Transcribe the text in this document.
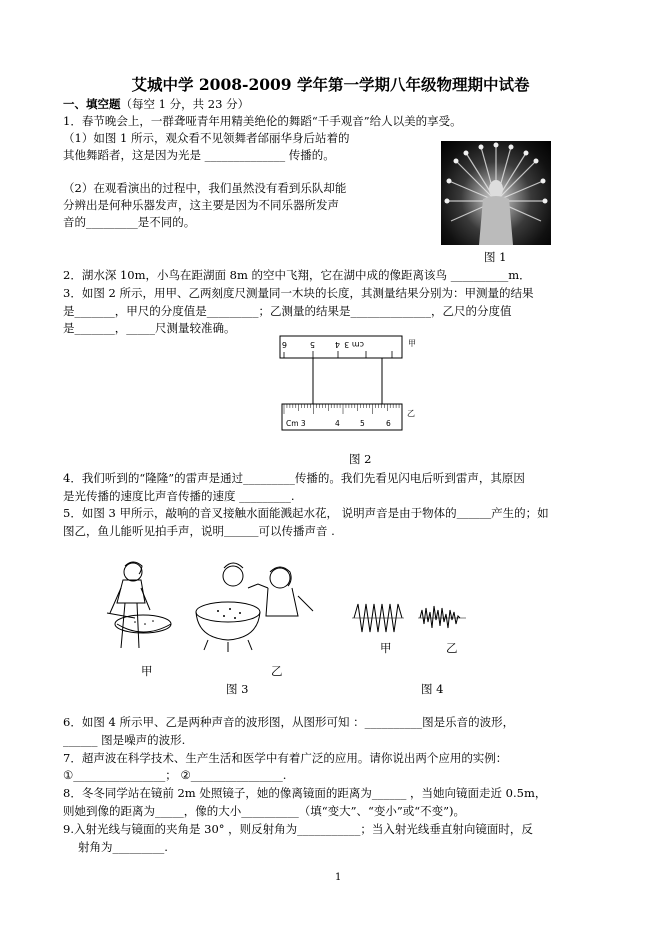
艾城中学 2008-2009 学年第一学期八年级物理期中试卷
一、填空题（每空 1 分，共 23 分）
1．春节晚会上，一群聋哑青年用精美绝伦的舞蹈“千手观音”给人以美的享受。
（1）如图 1 所示，观众看不见领舞者邰丽华身后站着的
其他舞蹈者，这是因为光是 ______________ 传播的。
（2）在观看演出的过程中，我们虽然没有看到乐队却能
分辨出是何种乐器发声，这主要是因为不同乐器所发声
音的_________是不同的。
图 1
2．湖水深 10m，小鸟在距湖面 8m 的空中飞翔，它在湖中成的像距离该鸟 __________m．
3．如图 2 所示，用甲、乙两刻度尺测量同一木块的长度，其测量结果分别为：甲测量的结果
是_______，甲尺的分度值是_________；乙测量的结果是______________，乙尺的分度值
是_______，_____尺测量较准确。
6	5 4 cm 3	甲
Cm 3	4	5	6
乙
图 2
4．我们听到的“隆隆”的雷声是通过_________传播的。我们先看见闪电后听到雷声，其原因
是光传播的速度比声音传播的速度 _________.
5．如图 3 甲所示，敲响的音叉接触水面能溅起水花， 说明声音是由于物体的＿＿＿产生的；如
图乙，鱼儿能听见拍手声，说明＿＿＿可以传播声音 .
甲	乙
图 3
甲	乙
图 4
6．如图 4 所示甲、乙是两种声音的波形图，从图形可知 ：__________图是乐音的波形，
______ 图是噪声的波形.
7．超声波在科学技术、生产生活和医学中有着广泛的应用。请你说出两个应用的实例：
①________________； ②________________.
8．冬冬同学站在镜前 2m 处照镜子，她的像离镜面的距离为______ ，当她向镜面走近 0.5m，
则她到像的距离为_____，像的大小__________（填“变大”、“变小”或“不变”)。
9.入射光线与镜面的夹角是 30° ，则反射角为___________；当入射光线垂直射向镜面时，反
射角为_________.
1
